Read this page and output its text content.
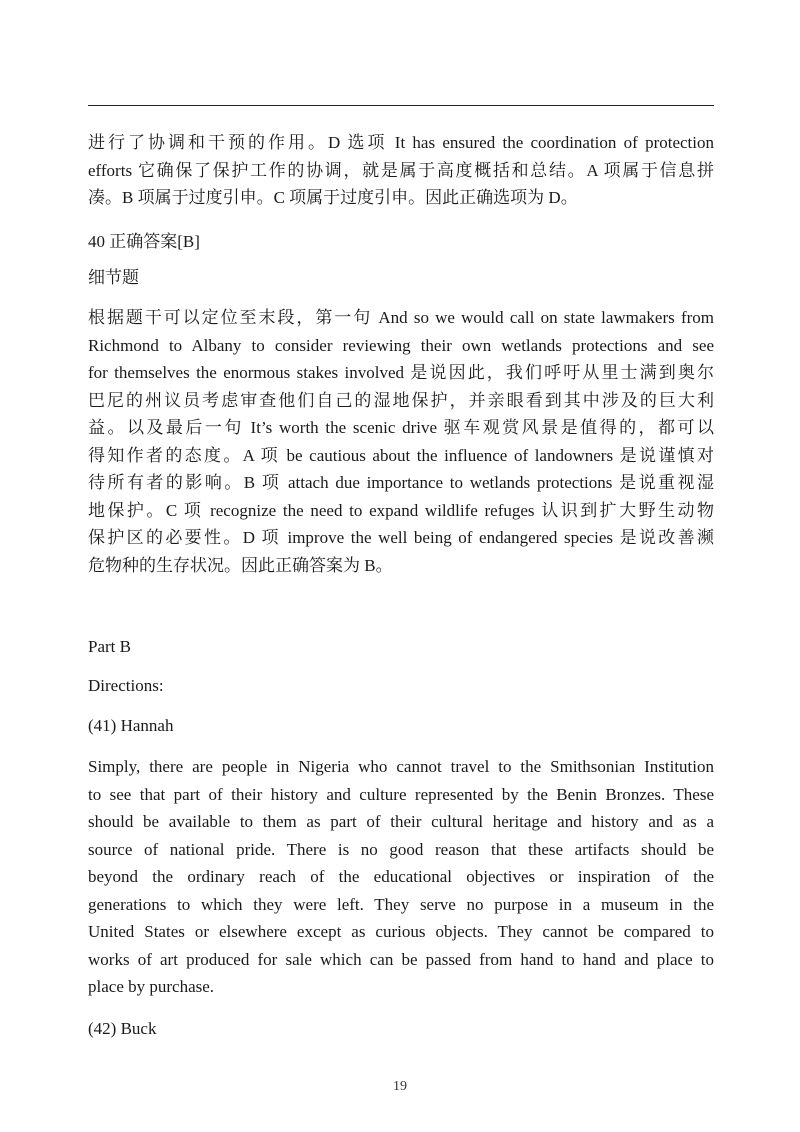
进行了协调和干预的作用。D 选项 It has ensured the coordination of protection
efforts 它确保了保护工作的协调，就是属于高度概括和总结。A 项属于信息拼
凑。B 项属于过度引申。C 项属于过度引申。因此正确选项为 D。
40 正确答案[B]
细节题
根据题干可以定位至末段，第一句 And so we would call on state lawmakers from
Richmond to Albany to consider reviewing their own wetlands protections and see
for themselves the enormous stakes involved 是说因此，我们呼吁从里士满到奥尔
巴尼的州议员考虑审查他们自己的湿地保护，并亲眼看到其中涉及的巨大利
益。以及最后一句 It’s worth the scenic drive 驱车观赏风景是值得的，都可以
得知作者的态度。A 项 be cautious about the influence of landowners 是说谨慎对
待所有者的影响。B 项 attach due importance to wetlands protections 是说重视湿
地保护。C 项 recognize the need to expand wildlife refuges 认识到扩大野生动物
保护区的必要性。D 项 improve the well being of endangered species 是说改善濒
危物种的生存状况。因此正确答案为 B。
Part B
Directions:
(41) Hannah
Simply, there are people in Nigeria who cannot travel to the Smithsonian Institution
to see that part of their history and culture represented by the Benin Bronzes. These
should be available to them as part of their cultural heritage and history and as a
source of national pride. There is no good reason that these artifacts should be
beyond the ordinary reach of the educational objectives or inspiration of the
generations to which they were left. They serve no purpose in a museum in the
United States or elsewhere except as curious objects. They cannot be compared to
works of art produced for sale which can be passed from hand to hand and place to
place by purchase.
(42) Buck
19
